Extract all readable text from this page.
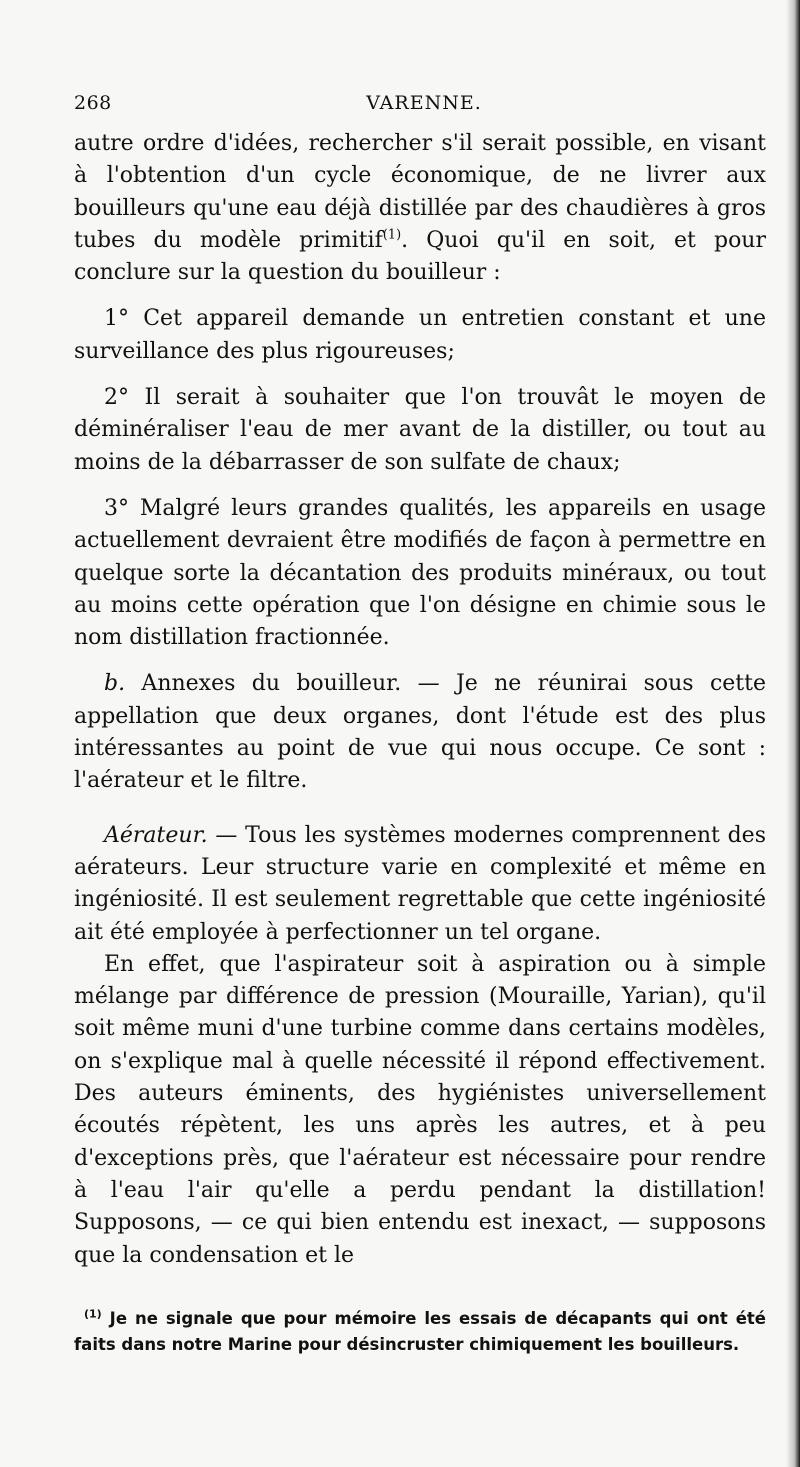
268	VARENNE.

autre ordre d'idées, rechercher s'il serait possible, en visant à l'obtention d'un cycle économique, de ne livrer aux bouilleurs qu'une eau déjà distillée par des chaudières à gros tubes du modèle primitif$^{(1)}$. Quoi qu'il en soit, et pour conclure sur la question du bouilleur :

1° Cet appareil demande un entretien constant et une surveillance des plus rigoureuses;

2° Il serait à souhaiter que l'on trouvât le moyen de déminéraliser l'eau de mer avant de la distiller, ou tout au moins de la débarrasser de son sulfate de chaux;

3° Malgré leurs grandes qualités, les appareils en usage actuellement devraient être modifiés de façon à permettre en quelque sorte la décantation des produits minéraux, ou tout au moins cette opération que l'on désigne en chimie sous le nom distillation fractionnée.

b. Annexes du bouilleur. — Je ne réunirai sous cette appellation que deux organes, dont l'étude est des plus intéressantes au point de vue qui nous occupe. Ce sont : l'aérateur et le filtre.

Aérateur. — Tous les systèmes modernes comprennent des aérateurs. Leur structure varie en complexité et même en ingéniosité. Il est seulement regrettable que cette ingéniosité ait été employée à perfectionner un tel organe.

En effet, que l'aspirateur soit à aspiration ou à simple mélange par différence de pression (Mouraille, Yarian), qu'il soit même muni d'une turbine comme dans certains modèles, on s'explique mal à quelle nécessité il répond effectivement. Des auteurs éminents, des hygiénistes universellement écoutés répètent, les uns après les autres, et à peu d'exceptions près, que l'aérateur est nécessaire pour rendre à l'eau l'air qu'elle a perdu pendant la distillation! Supposons, — ce qui bien entendu est inexact, — supposons que la condensation et le

$^{(1)}$ Je ne signale que pour mémoire les essais de décapants qui ont été faits dans notre Marine pour désincruster chimiquement les bouilleurs.
